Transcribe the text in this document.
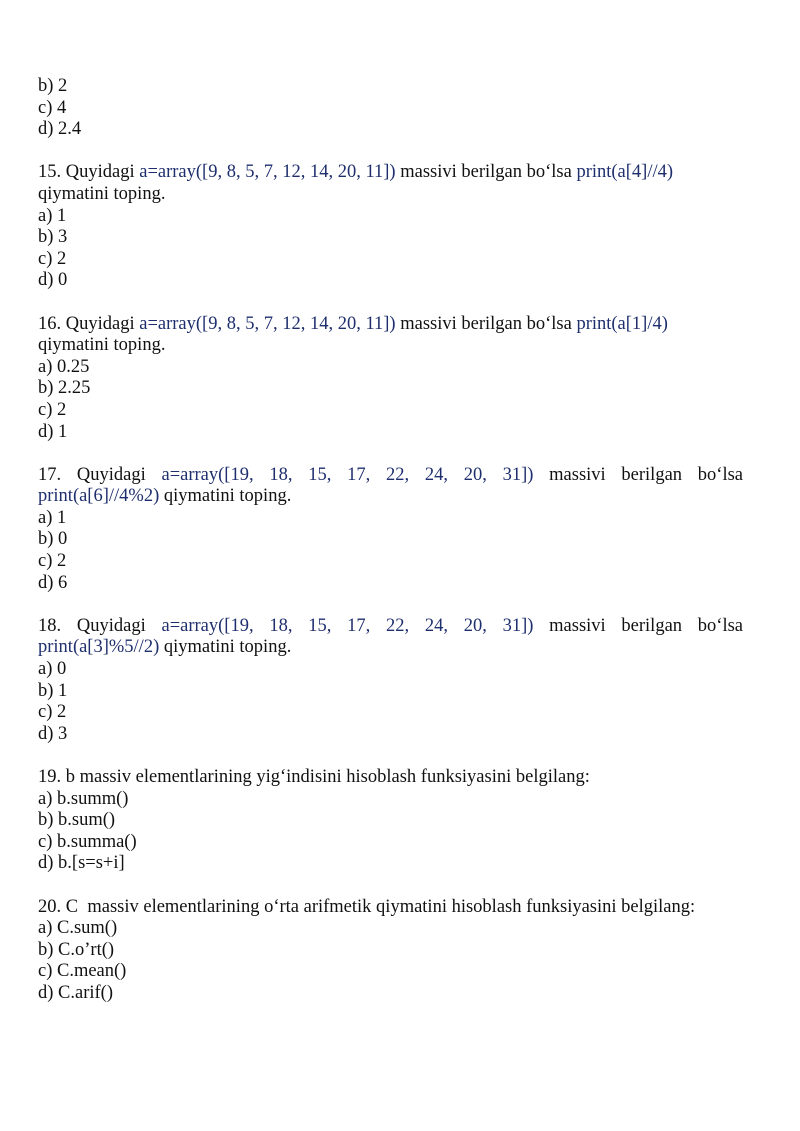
b) 2
c) 4
d) 2.4
15. Quyidagi a=array([9, 8, 5, 7, 12, 14, 20, 11]) massivi berilgan bo‘lsa print(a[4]//4)
qiymatini toping.
a) 1
b) 3
c) 2
d) 0
16. Quyidagi a=array([9, 8, 5, 7, 12, 14, 20, 11]) massivi berilgan bo‘lsa print(a[1]/4)
qiymatini toping.
a) 0.25
b) 2.25
c) 2
d) 1
17. Quyidagi a=array([19, 18, 15, 17, 22, 24, 20, 31]) massivi berilgan bo‘lsa
print(a[6]//4%2) qiymatini toping.
a) 1
b) 0
c) 2
d) 6
18. Quyidagi a=array([19, 18, 15, 17, 22, 24, 20, 31]) massivi berilgan bo‘lsa
print(a[3]%5//2) qiymatini toping.
a) 0
b) 1
c) 2
d) 3
19. b massiv elementlarining yig‘indisini hisoblash funksiyasini belgilang:
a) b.summ()
b) b.sum()
c) b.summa()
d) b.[s=s+i]
20. C  massiv elementlarining o‘rta arifmetik qiymatini hisoblash funksiyasini belgilang:
a) C.sum()
b) C.o’rt()
c) C.mean()
d) C.arif()
